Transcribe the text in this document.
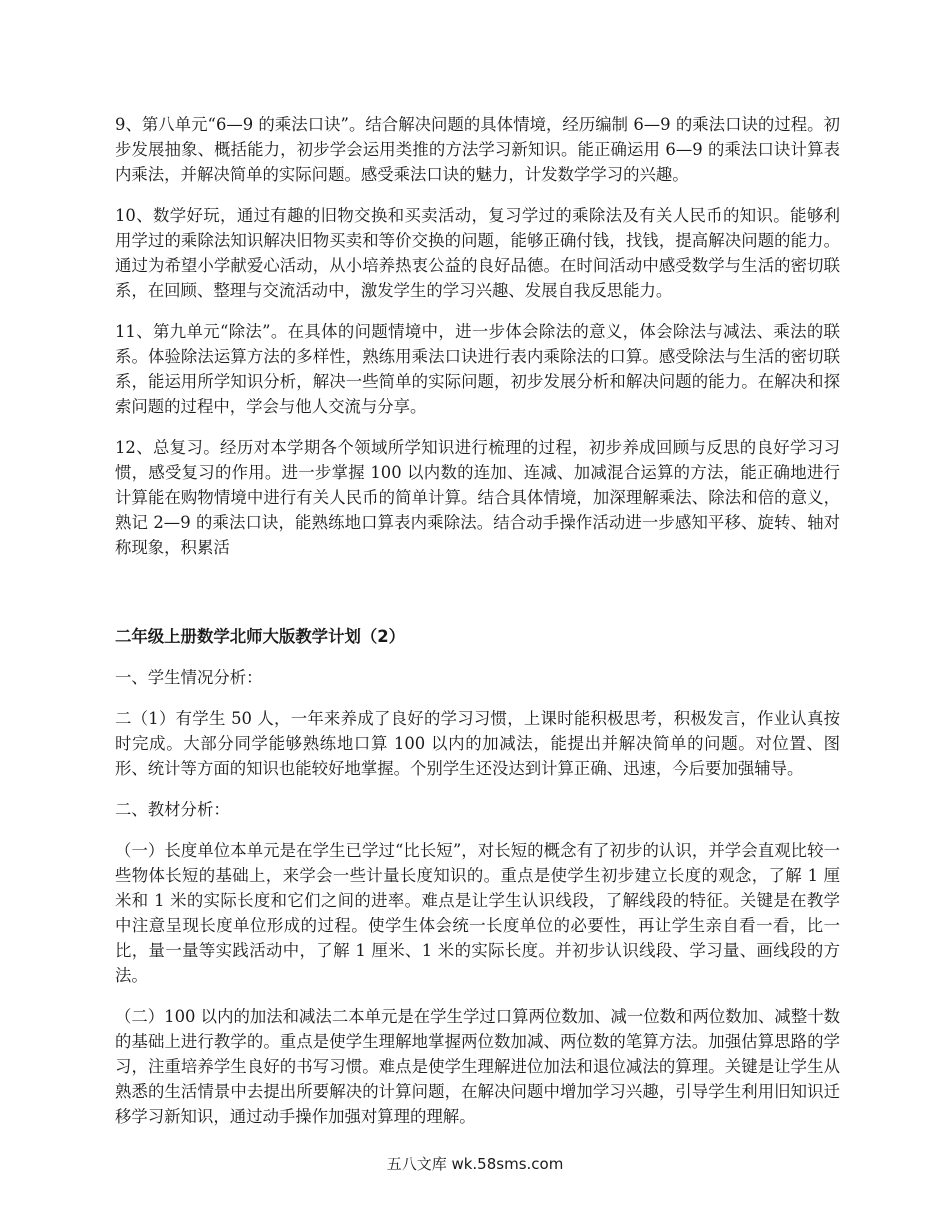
9、第八单元“6—9 的乘法口诀”。结合解决问题的具体情境，经历编制 6—9 的乘法口诀的过程。初步发展抽象、概括能力，初步学会运用类推的方法学习新知识。能正确运用 6—9 的乘法口诀计算表内乘法，并解决简单的实际问题。感受乘法口诀的魅力，计发数学学习的兴趣。

10、数学好玩，通过有趣的旧物交换和买卖活动，复习学过的乘除法及有关人民币的知识。能够利用学过的乘除法知识解决旧物买卖和等价交换的问题，能够正确付钱，找钱，提高解决问题的能力。通过为希望小学献爱心活动，从小培养热衷公益的良好品德。在时间活动中感受数学与生活的密切联系，在回顾、整理与交流活动中，激发学生的学习兴趣、发展自我反思能力。

11、第九单元“除法”。在具体的问题情境中，进一步体会除法的意义，体会除法与减法、乘法的联系。体验除法运算方法的多样性，熟练用乘法口诀进行表内乘除法的口算。感受除法与生活的密切联系，能运用所学知识分析，解决一些简单的实际问题，初步发展分析和解决问题的能力。在解决和探索问题的过程中，学会与他人交流与分享。

12、总复习。经历对本学期各个领域所学知识进行梳理的过程，初步养成回顾与反思的良好学习习惯，感受复习的作用。进一步掌握 100 以内数的连加、连减、加减混合运算的方法，能正确地进行计算能在购物情境中进行有关人民币的简单计算。结合具体情境，加深理解乘法、除法和倍的意义，熟记 2—9 的乘法口诀，能熟练地口算表内乘除法。结合动手操作活动进一步感知平移、旋转、轴对称现象，积累活

二年级上册数学北师大版教学计划（2）

一、学生情况分析：

二（1）有学生 50 人，一年来养成了良好的学习习惯，上课时能积极思考，积极发言，作业认真按时完成。大部分同学能够熟练地口算 100 以内的加减法，能提出并解决简单的问题。对位置、图形、统计等方面的知识也能较好地掌握。个别学生还没达到计算正确、迅速，今后要加强辅导。

二、教材分析：

（一）长度单位本单元是在学生已学过“比长短”，对长短的概念有了初步的认识，并学会直观比较一些物体长短的基础上，来学会一些计量长度知识的。重点是使学生初步建立长度的观念，了解 1 厘米和 1 米的实际长度和它们之间的进率。难点是让学生认识线段，了解线段的特征。关键是在教学中注意呈现长度单位形成的过程。使学生体会统一长度单位的必要性，再让学生亲自看一看，比一比，量一量等实践活动中，了解 1 厘米、1 米的实际长度。并初步认识线段、学习量、画线段的方法。

（二）100 以内的加法和减法二本单元是在学生学过口算两位数加、减一位数和两位数加、减整十数的基础上进行教学的。重点是使学生理解地掌握两位数加减、两位数的笔算方法。加强估算思路的学习，注重培养学生良好的书写习惯。难点是使学生理解进位加法和退位减法的算理。关键是让学生从熟悉的生活情景中去提出所要解决的计算问题，在解决问题中增加学习兴趣，引导学生利用旧知识迁移学习新知识，通过动手操作加强对算理的理解。

五八文库 wk.58sms.com
